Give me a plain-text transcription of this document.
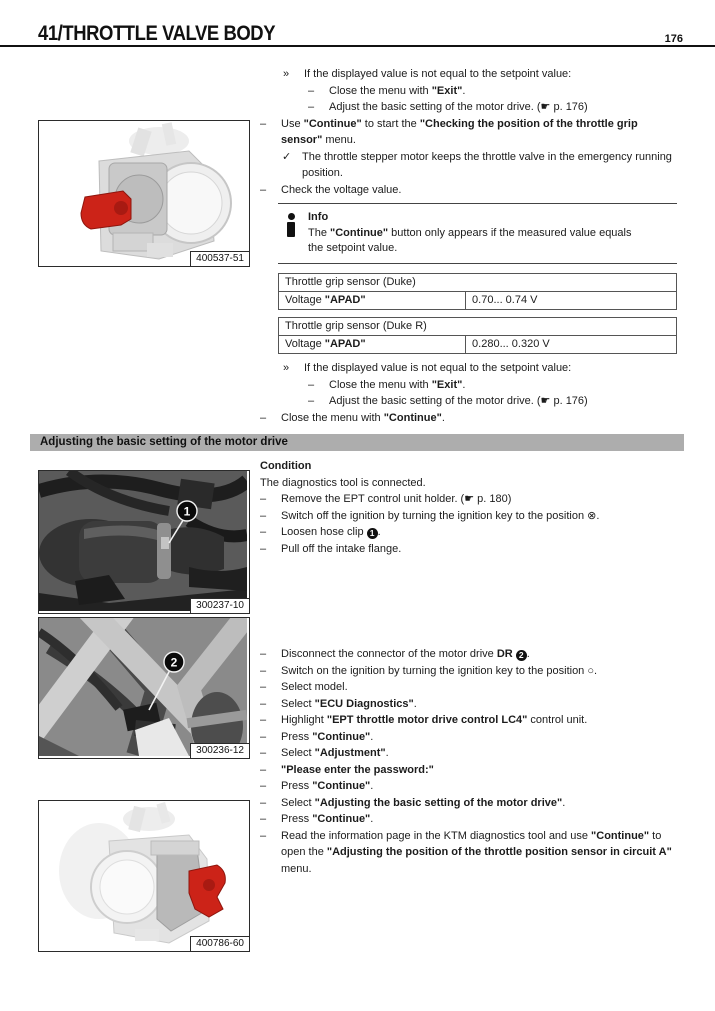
41/THROTTLE VALVE BODY	176
400537-51
1
300237-10
2
300236-12
400786-60
»	If the displayed value is not equal to the setpoint value:
–	Close the menu with "Exit".
–	Adjust the basic setting of the motor drive. (☛ p. 176)
–	Use "Continue" to start the "Checking the position of the throttle grip sensor" menu.
✓ The throttle stepper motor keeps the throttle valve in the emergency running position.
–	Check the voltage value.
Info
The "Continue" button only appears if the measured value equals the setpoint value.
Throttle grip sensor (Duke)
Voltage "APAD"	0.70... 0.74 V
Throttle grip sensor (Duke R)
Voltage "APAD"	0.280... 0.320 V
»	If the displayed value is not equal to the setpoint value:
–	Close the menu with "Exit".
–	Adjust the basic setting of the motor drive. (☛ p. 176)
–	Close the menu with "Continue".
Adjusting the basic setting of the motor drive
Condition
The diagnostics tool is connected.
–	Remove the EPT control unit holder. (☛ p. 180)
–	Switch off the ignition by turning the ignition key to the position ⊗.
–	Loosen hose clip 1 .
–	Pull off the intake flange.
–	Disconnect the connector of the motor drive DR 2 .
–	Switch on the ignition by turning the ignition key to the position ○.
–	Select model.
–	Select "ECU Diagnostics".
–	Highlight "EPT throttle motor drive control LC4" control unit.
–	Press "Continue".
–	Select "Adjustment".
–	"Please enter the password:"
–	Press "Continue".
–	Select "Adjusting the basic setting of the motor drive".
–	Press "Continue".
–	Read the information page in the KTM diagnostics tool and use "Continue" to open the "Adjusting the position of the throttle position sensor in circuit A" menu.
